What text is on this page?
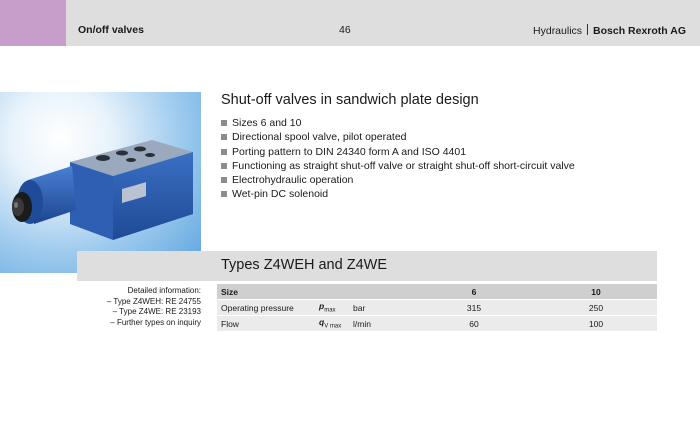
On/off valves	46	Hydraulics Bosch Rexroth AG
Shut-off valves in sandwich plate design
Sizes 6 and 10
Directional spool valve, pilot operated
Porting pattern to DIN 24340 form A and ISO 4401
Functioning as straight shut-off valve or straight shut-off short-circuit valve
Electrohydraulic operation
Wet-pin DC solenoid
Types Z4WEH and Z4WE
Detailed information:
– Type Z4WEH: RE 24755
– Type Z4WE: RE 23193
– Further types on inquiry
Size			6	10
Operating pressure	$p_{max}$	bar	315	250
Flow	$q_{V max}$	l/min	60	100
